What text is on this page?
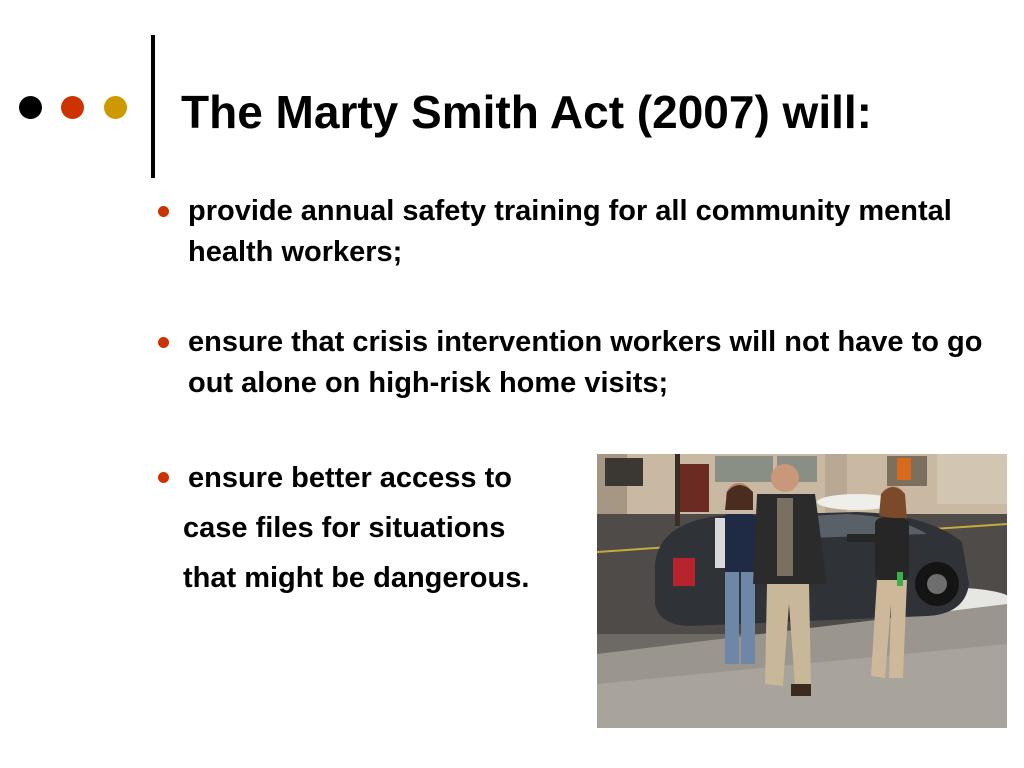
The Marty Smith Act (2007) will:
provide annual safety training for all community mental health workers;
ensure that crisis intervention workers will not have to go out alone on high-risk home visits;
ensure better access to
case files for situations
that might be dangerous.
